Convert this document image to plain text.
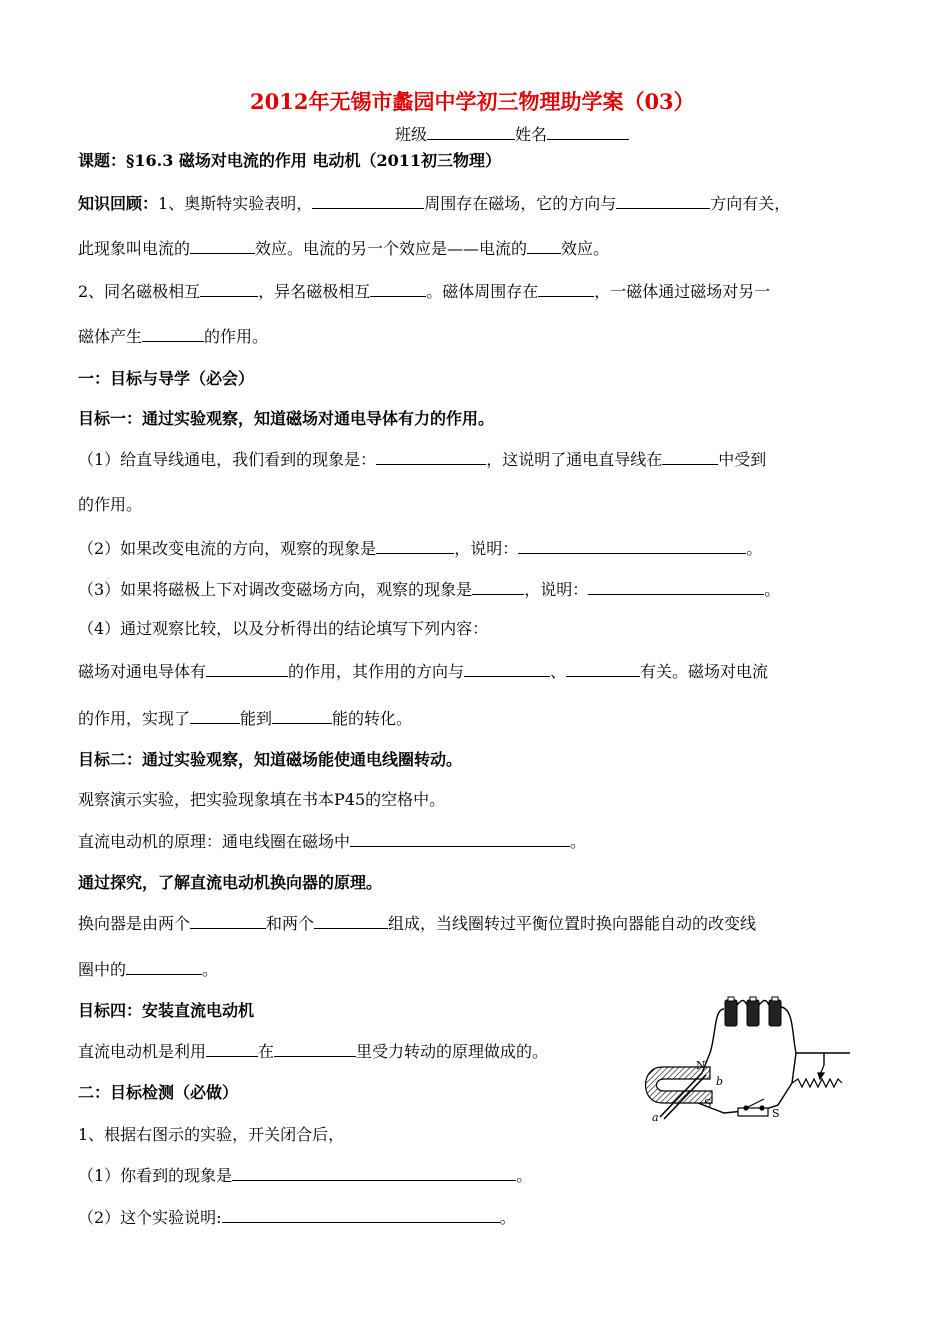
2012年无锡市蠡园中学初三物理助学案（03）
班级	姓名
课题：§16.3 磁场对电流的作用 电动机（2011初三物理）
知识回顾：1、奥斯特实验表明，	周围存在磁场，它的方向与	方向有关，
此现象叫电流的	效应。电流的另一个效应是——电流的 效应。
2、同名磁极相互	，异名磁极相互	。磁体周围存在	，一磁体通过磁场对另一
磁体产生	的作用。
一：目标与导学（必会）
目标一：通过实验观察，知道磁场对通电导体有力的作用。
（1）给直导线通电，我们看到的现象是：	，这说明了通电直导线在	中受到
的作用。
（2）如果改变电流的方向，观察的现象是	，说明：	。
（3）如果将磁极上下对调改变磁场方向，观察的现象是	，说明：	。
（4）通过观察比较，以及分析得出的结论填写下列内容：
磁场对通电导体有	的作用，其作用的方向与	、	有关。磁场对电流
的作用，实现了	能到	能的转化。
目标二：通过实验观察，知道磁场能使通电线圈转动。
观察演示实验，把实验现象填在书本P45的空格中。
直流电动机的原理：通电线圈在磁场中	。
通过探究，了解直流电动机换向器的原理。
换向器是由两个	和两个	组成，当线圈转过平衡位置时换向器能自动的改变线
圈中的	。
目标四：安装直流电动机
直流电动机是利用	在	里受力转动的原理做成的。
二：目标检测（必做）
1、根据右图示的实验，开关闭合后，
（1）你看到的现象是	。
（2）这个实验说明:	。
N
S
a
b
S
